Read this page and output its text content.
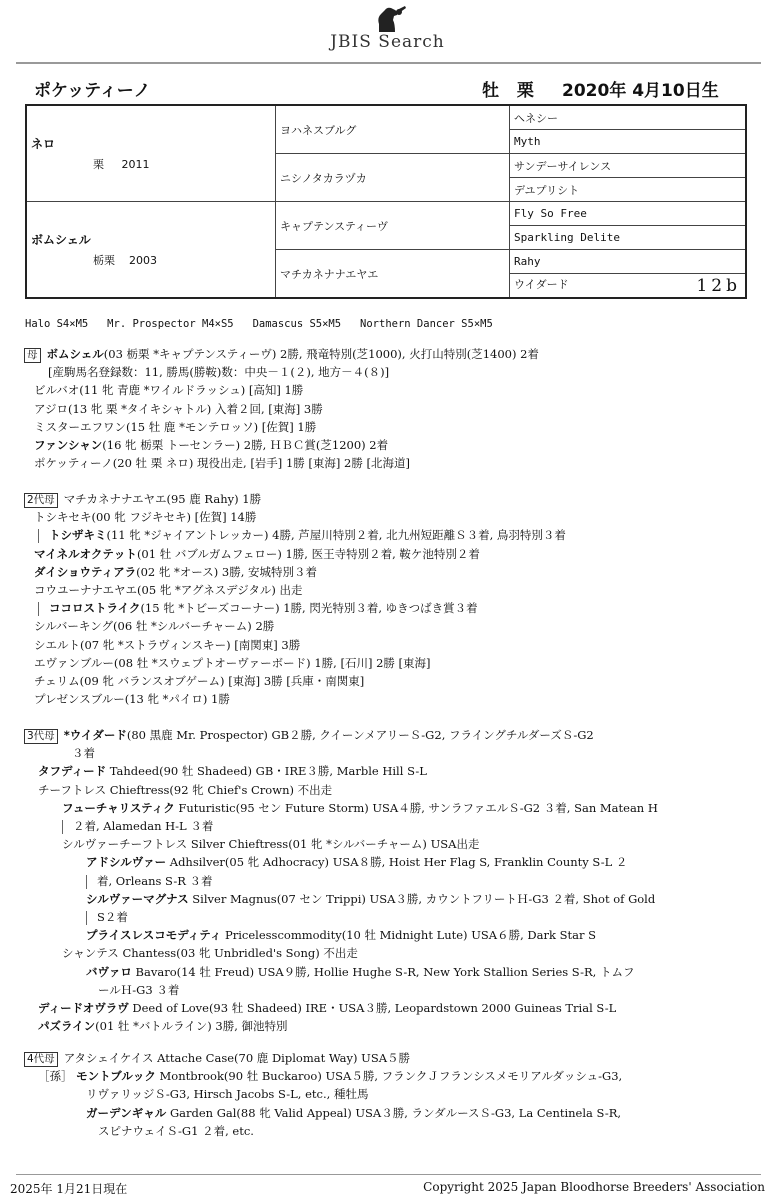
JBIS Search
ポケッティーノ	牡 栗 2020年 4月10日生
ネロ
栗 2011	ヨハネスブルグ	ヘネシー
		Myth
	ニシノタカラヅカ	サンデーサイレンス
		デユプリシト

ボムシェル
栃栗 2003	キャプテンスティーヴ	Fly So Free
		Sparkling Delite
	マチカネナナエヤエ	Rahy
		ウイダード 12b
Halo S4×M5   Mr. Prospector M4×S5   Damascus S5×M5   Northern Dancer S5×M5
母 ボムシェル(03 栃栗 *キャプテンスティーヴ) 2勝, 飛竜特別(芝1000), 火打山特別(芝1400) 2着
[産駒馬名登録数：11, 勝馬(勝鞍)数：中央－１(２), 地方－４(８)]
ビルバオ(11 牝 青鹿 *ワイルドラッシュ) [高知] 1勝
アジロ(13 牝 栗 *タイキシャトル) 入着２回, [東海] 3勝
ミスターエフワン(15 牡 鹿 *モンテロッソ) [佐賀] 1勝
ファンシャン(16 牝 栃栗 トーセンラー) 2勝, ＨＢＣ賞(芝1200) 2着
ポケッティーノ(20 牡 栗 ネロ) 現役出走, [岩手] 1勝 [東海] 2勝 [北海道]
2代母 マチカネナナエヤエ(95 鹿 Rahy) 1勝
トシキセキ(00 牝 フジキセキ) [佐賀] 14勝
トシザキミ(11 牝 *ジャイアントレッカー) 4勝, 芦屋川特別２着, 北九州短距離Ｓ３着, 鳥羽特別３着
マイネルオクテット(01 牡 バブルガムフェロー) 1勝, 医王寺特別２着, 鞍ケ池特別２着
ダイショウティアラ(02 牝 *オース) 3勝, 安城特別３着
コウユーナナエヤエ(05 牝 *アグネスデジタル) 出走
ココロストライク(15 牝 *トビーズコーナー) 1勝, 閃光特別３着, ゆきつばき賞３着
シルバーキング(06 牡 *シルバーチャーム) 2勝
シエルト(07 牝 *ストラヴィンスキー) [南関東] 3勝
エヴァンブルー(08 牡 *スウェプトオーヴァーボード) 1勝, [石川] 2勝 [東海]
チェリム(09 牝 バランスオブゲーム) [東海] 3勝 [兵庫・南関東]
プレゼンスブルー(13 牝 *パイロ) 1勝
3代母 *ウイダード(80 黒鹿 Mr. Prospector) GB２勝, クイーンメアリーＳ-G2, フライングチルダーズＳ-G2
３着
タフディード Tahdeed(90 牡 Shadeed) GB・IRE３勝, Marble Hill S-L
チーフトレス Chieftress(92 牝 Chief's Crown) 不出走
フューチャリスティク Futuristic(95 セン Future Storm) USA４勝, サンラファエルＳ-G2 ３着, San Matean H
２着, Alamedan H-L ３着
シルヴァーチーフトレス Silver Chieftress(01 牝 *シルバーチャーム) USA出走
アドシルヴァー Adhsilver(05 牝 Adhocracy) USA８勝, Hoist Her Flag S, Franklin County S-L ２
着, Orleans S-R ３着
シルヴァーマグナス Silver Magnus(07 セン Trippi) USA３勝, カウントフリートＨ-G3 ２着, Shot of Gold
S２着
プライスレスコモディティ Pricelesscommodity(10 牡 Midnight Lute) USA６勝, Dark Star S
シャンテス Chantess(03 牝 Unbridled's Song) 不出走
バヴァロ Bavaro(14 牡 Freud) USA９勝, Hollie Hughe S-R, New York Stallion Series S-R, トムフ
ールＨ-G3 ３着
ディードオヴラヴ Deed of Love(93 牡 Shadeed) IRE・USA３勝, Leopardstown 2000 Guineas Trial S-L
パズライン(01 牡 *バトルライン) 3勝, 御池特別
4代母 アタシェイケイス Attache Case(70 鹿 Diplomat Way) USA５勝
［孫］ モントブルック Montbrook(90 牡 Buckaroo) USA５勝, フランクＪフランシスメモリアルダッシュ-G3,
リヴァリッジＳ-G3, Hirsch Jacobs S-L, etc., 種牡馬
ガーデンギャル Garden Gal(88 牝 Valid Appeal) USA３勝, ランダルースＳ-G3, La Centinela S-R,
スピナウェイＳ-G1 ２着, etc.
2025年 1月21日現在	Copyright 2025 Japan Bloodhorse Breeders' Association
